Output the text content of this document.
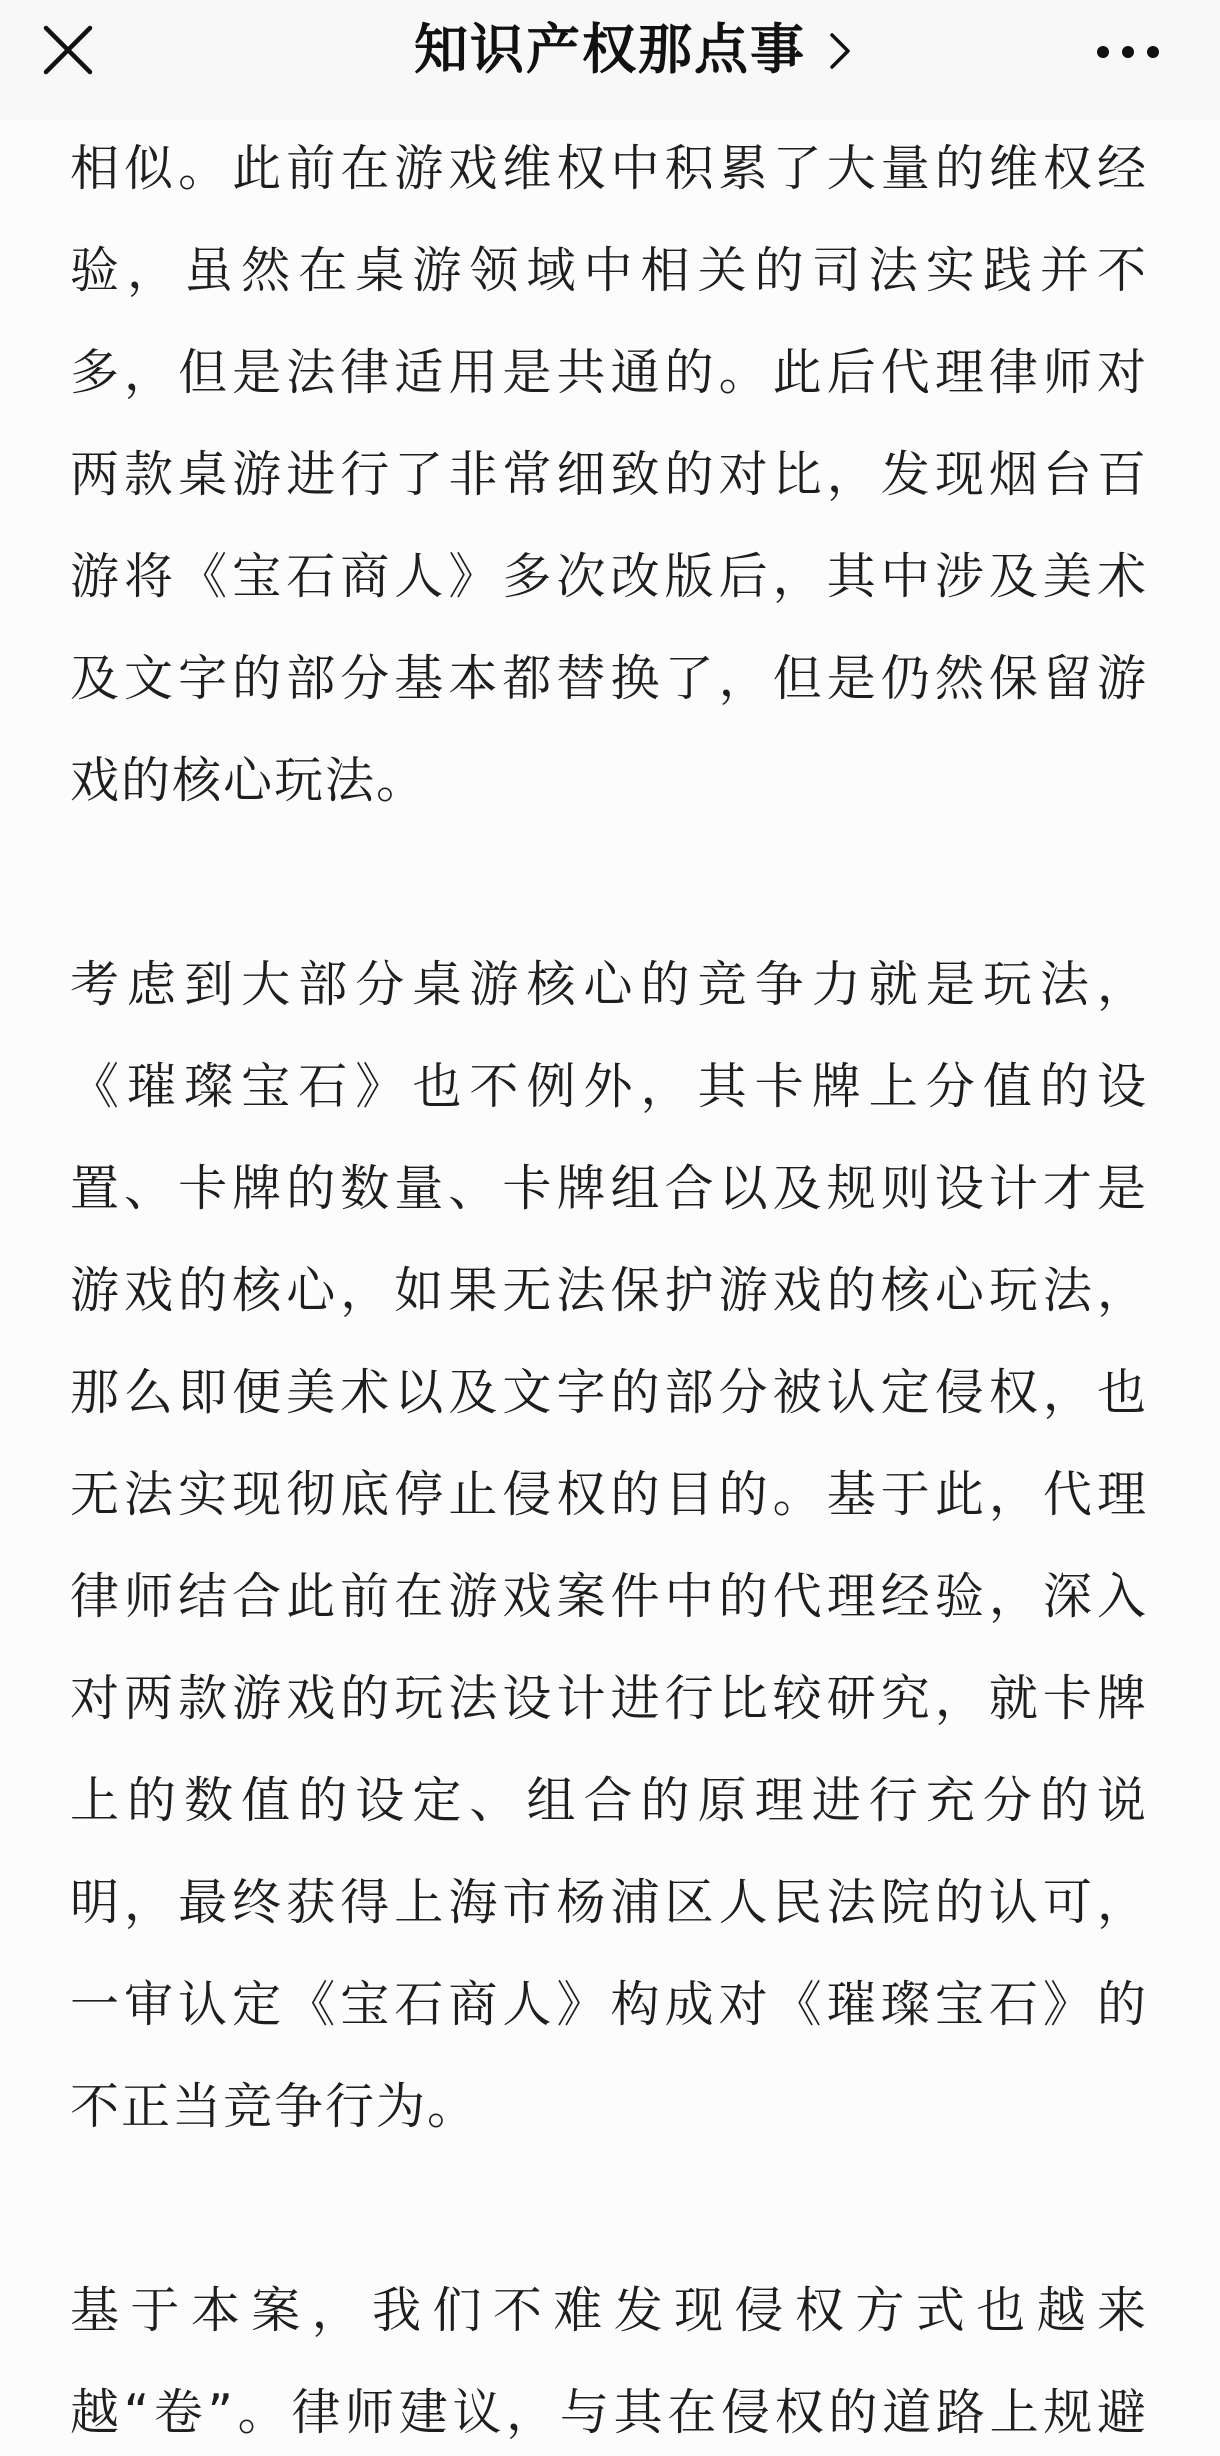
知识产权那点事
相似。此前在游戏维权中积累了大量的维权经
验，虽然在桌游领域中相关的司法实践并不
多，但是法律适用是共通的。此后代理律师对
两款桌游进行了非常细致的对比，发现烟台百
游将《宝石商人》多次改版后，其中涉及美术
及文字的部分基本都替换了，但是仍然保留游
戏的核心玩法。
考虑到大部分桌游核心的竞争力就是玩法，
《璀璨宝石》也不例外，其卡牌上分值的设
置、卡牌的数量、卡牌组合以及规则设计才是
游戏的核心，如果无法保护游戏的核心玩法，
那么即便美术以及文字的部分被认定侵权，也
无法实现彻底停止侵权的目的。基于此，代理
律师结合此前在游戏案件中的代理经验，深入
对两款游戏的玩法设计进行比较研究，就卡牌
上的数值的设定、组合的原理进行充分的说
明，最终获得上海市杨浦区人民法院的认可，
一审认定《宝石商人》构成对《璀璨宝石》的
不正当竞争行为。
基于本案，我们不难发现侵权方式也越来
越“卷”。律师建议，与其在侵权的道路上规避
